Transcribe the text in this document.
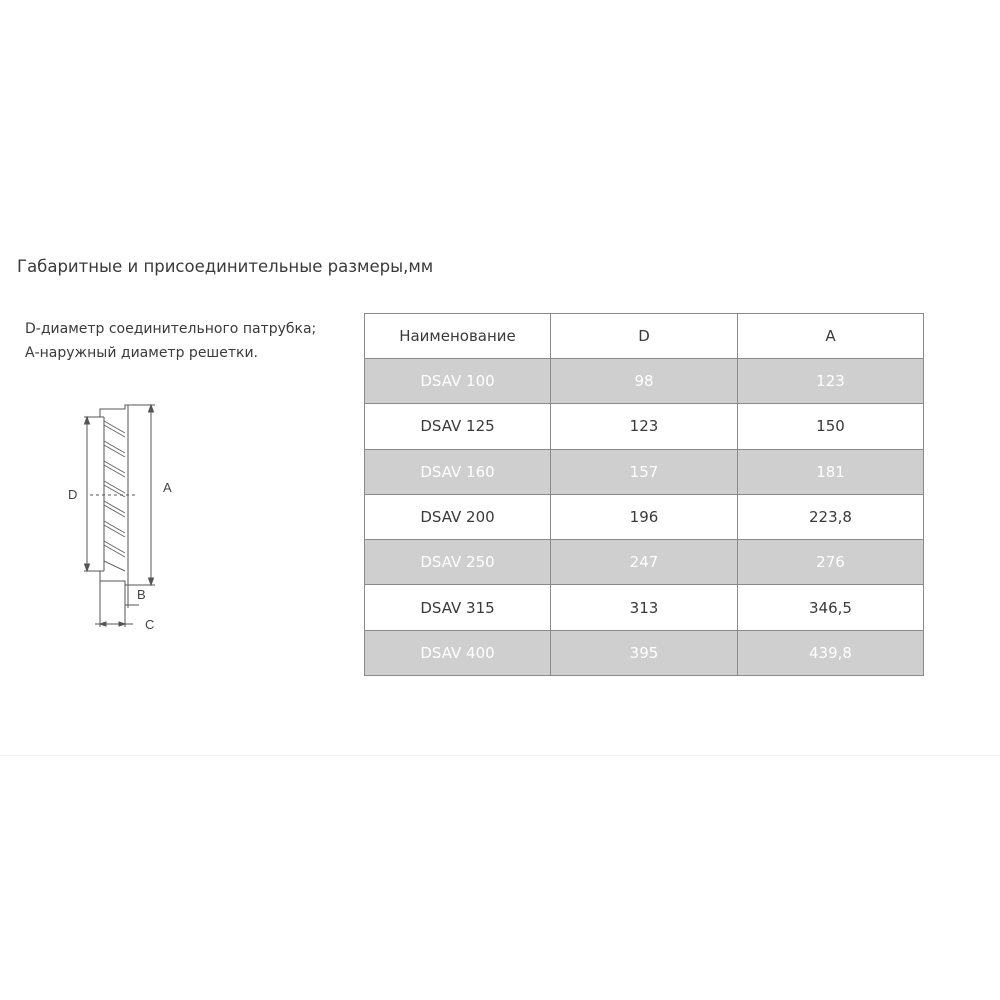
Габаритные и присоединительные размеры,мм
D-диаметр соединительного патрубка;
А-наружный диаметр решетки.
D	A
B
C
Наименование	D	A
DSAV 100	98	123
DSAV 125	123	150
DSAV 160	157	181
DSAV 200	196	223,8
DSAV 250	247	276
DSAV 315	313	346,5
DSAV 400	395	439,8
